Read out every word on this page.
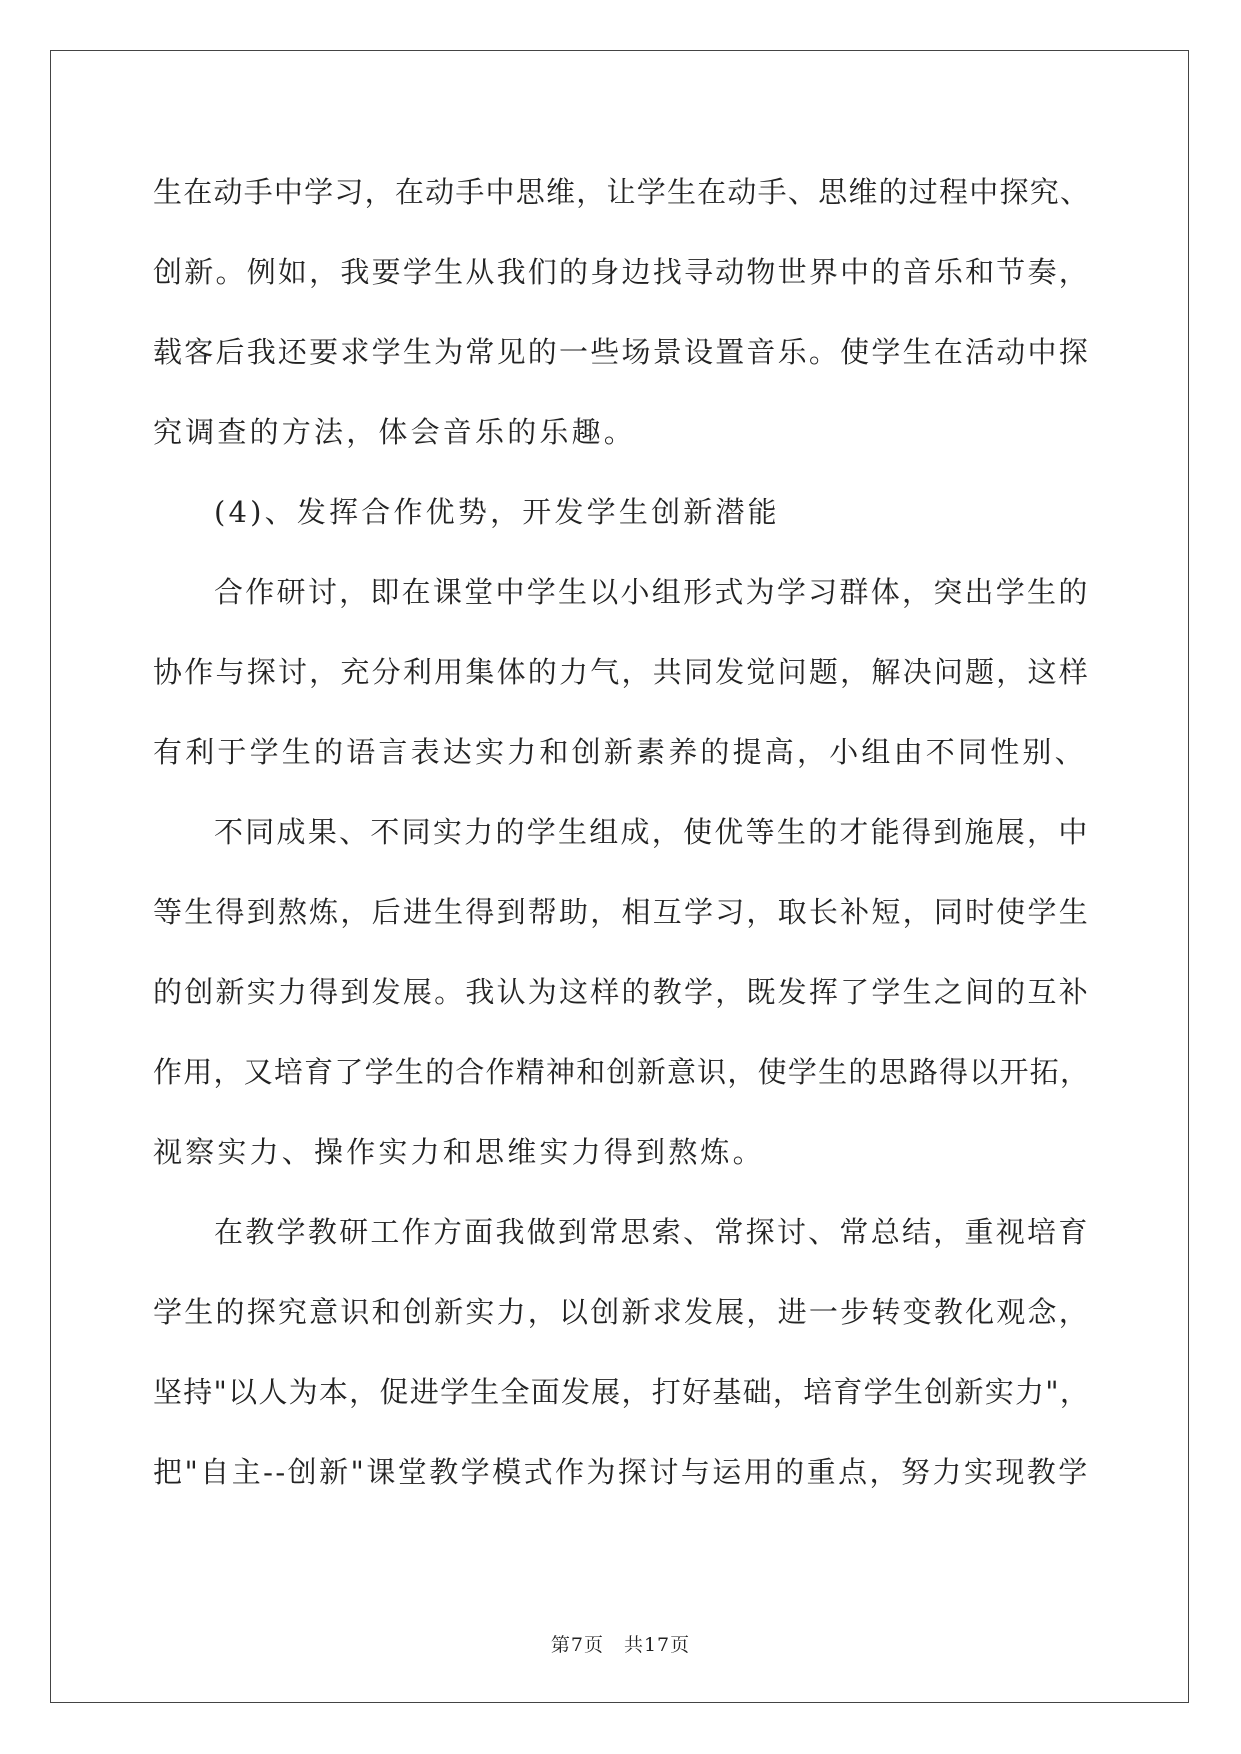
生在动手中学习，在动手中思维，让学生在动手、思维的过程中探究、
创新。例如，我要学生从我们的身边找寻动物世界中的音乐和节奏，
载客后我还要求学生为常见的一些场景设置音乐。使学生在活动中探
究调查的方法，体会音乐的乐趣。
(4)、发挥合作优势，开发学生创新潜能
合作研讨，即在课堂中学生以小组形式为学习群体，突出学生的
协作与探讨，充分利用集体的力气，共同发觉问题，解决问题，这样
有利于学生的语言表达实力和创新素养的提高，小组由不同性别、
不同成果、不同实力的学生组成，使优等生的才能得到施展，中
等生得到熬炼，后进生得到帮助，相互学习，取长补短，同时使学生
的创新实力得到发展。我认为这样的教学，既发挥了学生之间的互补
作用，又培育了学生的合作精神和创新意识，使学生的思路得以开拓，
视察实力、操作实力和思维实力得到熬炼。
在教学教研工作方面我做到常思索、常探讨、常总结，重视培育
学生的探究意识和创新实力，以创新求发展，进一步转变教化观念，
坚持"以人为本，促进学生全面发展，打好基础，培育学生创新实力"，
把"自主--创新"课堂教学模式作为探讨与运用的重点，努力实现教学
第7页　共17页
